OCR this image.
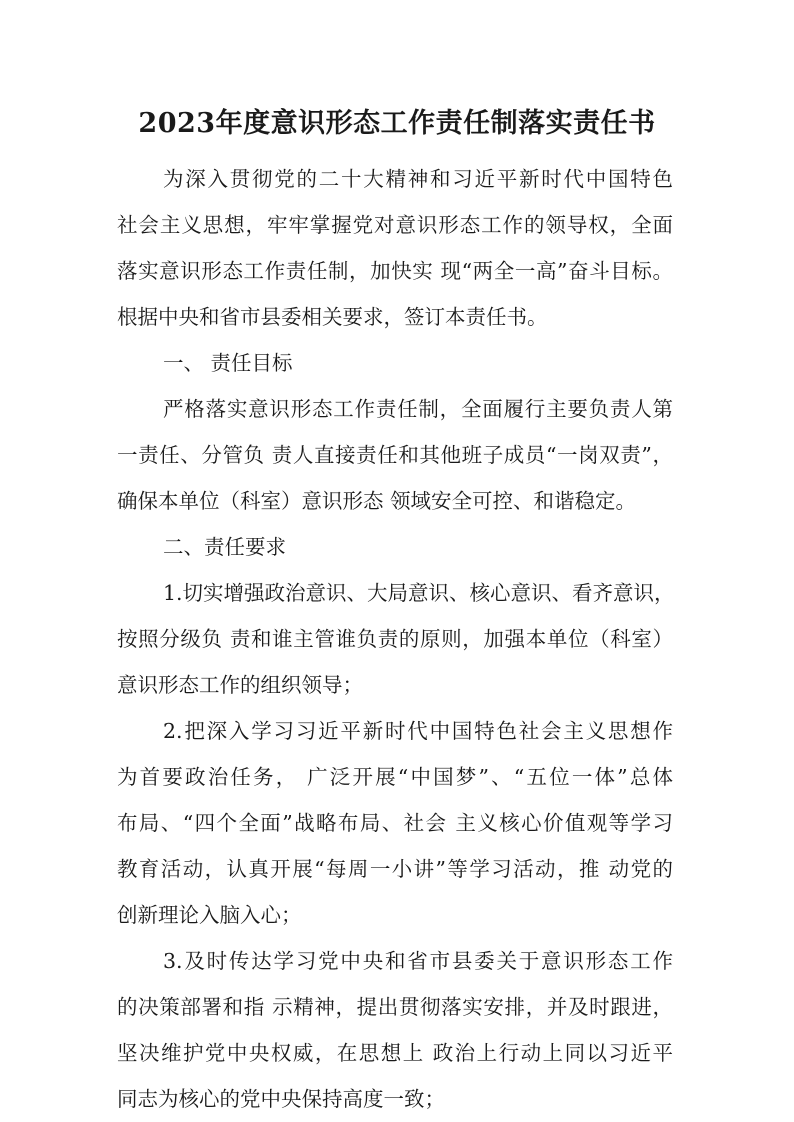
2023年度意识形态工作责任制落实责任书
为深入贯彻党的二十大精神和习近平新时代中国特色
社会主义思想，牢牢掌握党对意识形态工作的领导权，全面
落实意识形态工作责任制，加快实 现“两全一高”奋斗目标。
根据中央和省市县委相关要求，签订本责任书。
一、 责任目标
严格落实意识形态工作责任制，全面履行主要负责人第
一责任、分管负 责人直接责任和其他班子成员“一岗双责”，
确保本单位（科室）意识形态 领域安全可控、和谐稳定。
二、责任要求
1.切实增强政治意识、大局意识、核心意识、看齐意识，
按照分级负 责和谁主管谁负责的原则，加强本单位（科室）
意识形态工作的组织领导；
2.把深入学习习近平新时代中国特色社会主义思想作
为首要政治任务， 广泛开展“中国梦”、“五位一体”总体
布局、“四个全面”战略布局、社会 主义核心价值观等学习
教育活动，认真开展“每周一小讲”等学习活动，推 动党的
创新理论入脑入心；
3.及时传达学习党中央和省市县委关于意识形态工作
的决策部署和指 示精神，提出贯彻落实安排，并及时跟进，
坚决维护党中央权威，在思想上 政治上行动上同以习近平
同志为核心的党中央保持高度一致；
